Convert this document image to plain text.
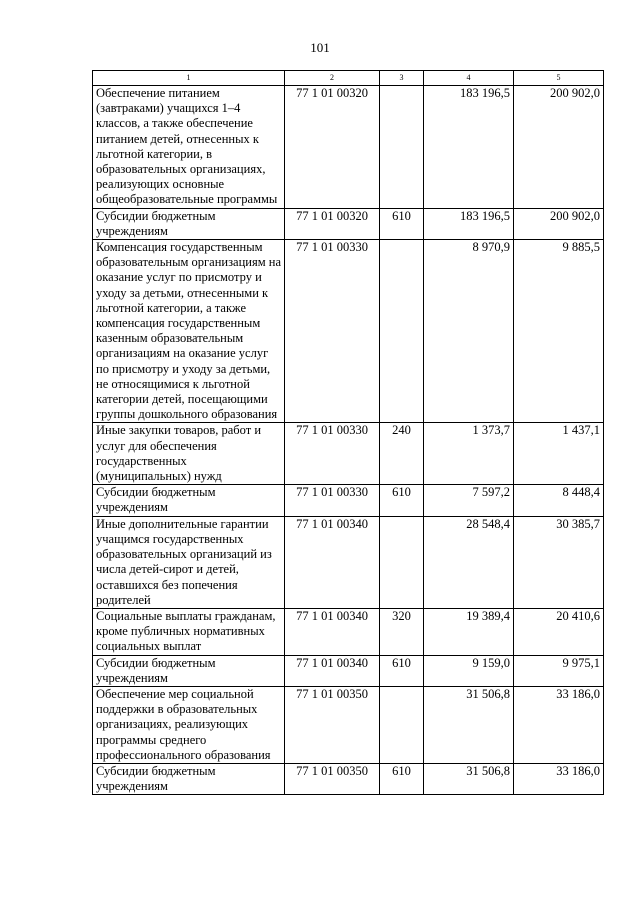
101
1	2	3	4	5
Обеспечение питанием (завтраками) учащихся 1–4 классов, а также обеспечение питанием детей, отнесенных к льготной категории, в образовательных организациях, реализующих основные общеобразовательные программы	77 1 01 00320		183 196,5	200 902,0
Субсидии бюджетным учреждениям	77 1 01 00320	610	183 196,5	200 902,0
Компенсация государственным образовательным организациям на оказание услуг по присмотру и уходу за детьми, отнесенными к льготной категории, а также компенсация государственным казенным образовательным организациям на оказание услуг по присмотру и уходу за детьми, не относящимися к льготной категории детей, посещающими группы дошкольного образования	77 1 01 00330		8 970,9	9 885,5
Иные закупки товаров, работ и услуг для обеспечения государственных (муниципальных) нужд	77 1 01 00330	240	1 373,7	1 437,1
Субсидии бюджетным учреждениям	77 1 01 00330	610	7 597,2	8 448,4
Иные дополнительные гарантии учащимся государственных образовательных организаций из числа детей-сирот и детей, оставшихся без попечения родителей	77 1 01 00340		28 548,4	30 385,7
Социальные выплаты гражданам, кроме публичных нормативных социальных выплат	77 1 01 00340	320	19 389,4	20 410,6
Субсидии бюджетным учреждениям	77 1 01 00340	610	9 159,0	9 975,1
Обеспечение мер социальной поддержки в образовательных организациях, реализующих программы среднего профессионального образования	77 1 01 00350		31 506,8	33 186,0
Субсидии бюджетным учреждениям	77 1 01 00350	610	31 506,8	33 186,0
